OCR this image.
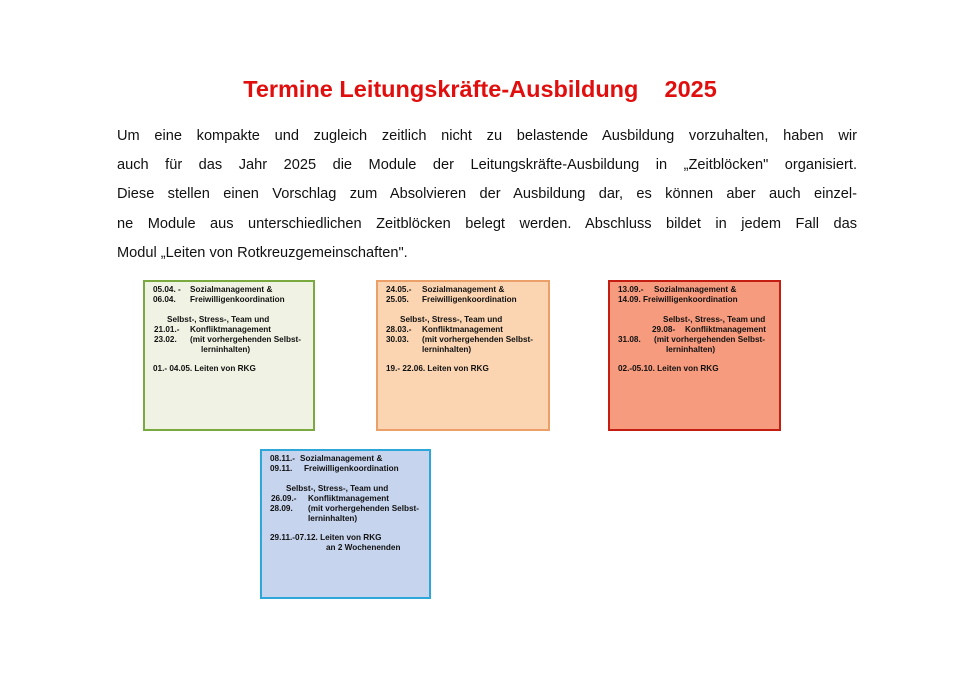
Termine Leitungskräfte-Ausbildung    2025
Um eine kompakte und zugleich zeitlich nicht zu belastende Ausbildung vorzuhalten, haben wir
auch für das Jahr 2025 die Module der Leitungskräfte-Ausbildung in „Zeitblöcken" organisiert.
Diese stellen einen Vorschlag zum Absolvieren der Ausbildung dar, es können aber auch einzel-
ne Module aus unterschiedlichen Zeitblöcken belegt werden. Abschluss bildet in jedem Fall das
Modul „Leiten von Rotkreuzgemeinschaften".
05.04. - Sozialmanagement &
06.04. Freiwilligenkoordination
Selbst-, Stress-, Team und
21.01.- Konfliktmanagement
23.02. (mit vorhergehenden Selbst-
lerninhalten)
01.- 04.05. Leiten von RKG
24.05.- Sozialmanagement &
25.05. Freiwilligenkoordination
Selbst-, Stress-, Team und
28.03.- Konfliktmanagement
30.03. (mit vorhergehenden Selbst-
lerninhalten)
19.- 22.06. Leiten von RKG
13.09.- Sozialmanagement &
14.09. Freiwilligenkoordination
Selbst-, Stress-, Team und
29.08- Konfliktmanagement
31.08. (mit vorhergehenden Selbst-
lerninhalten)
02.-05.10. Leiten von RKG
08.11.- Sozialmanagement &
09.11. Freiwilligenkoordination
Selbst-, Stress-, Team und
26.09.- Konfliktmanagement
28.09. (mit vorhergehenden Selbst-
lerninhalten)
29.11.-07.12. Leiten von RKG
an 2 Wochenenden
